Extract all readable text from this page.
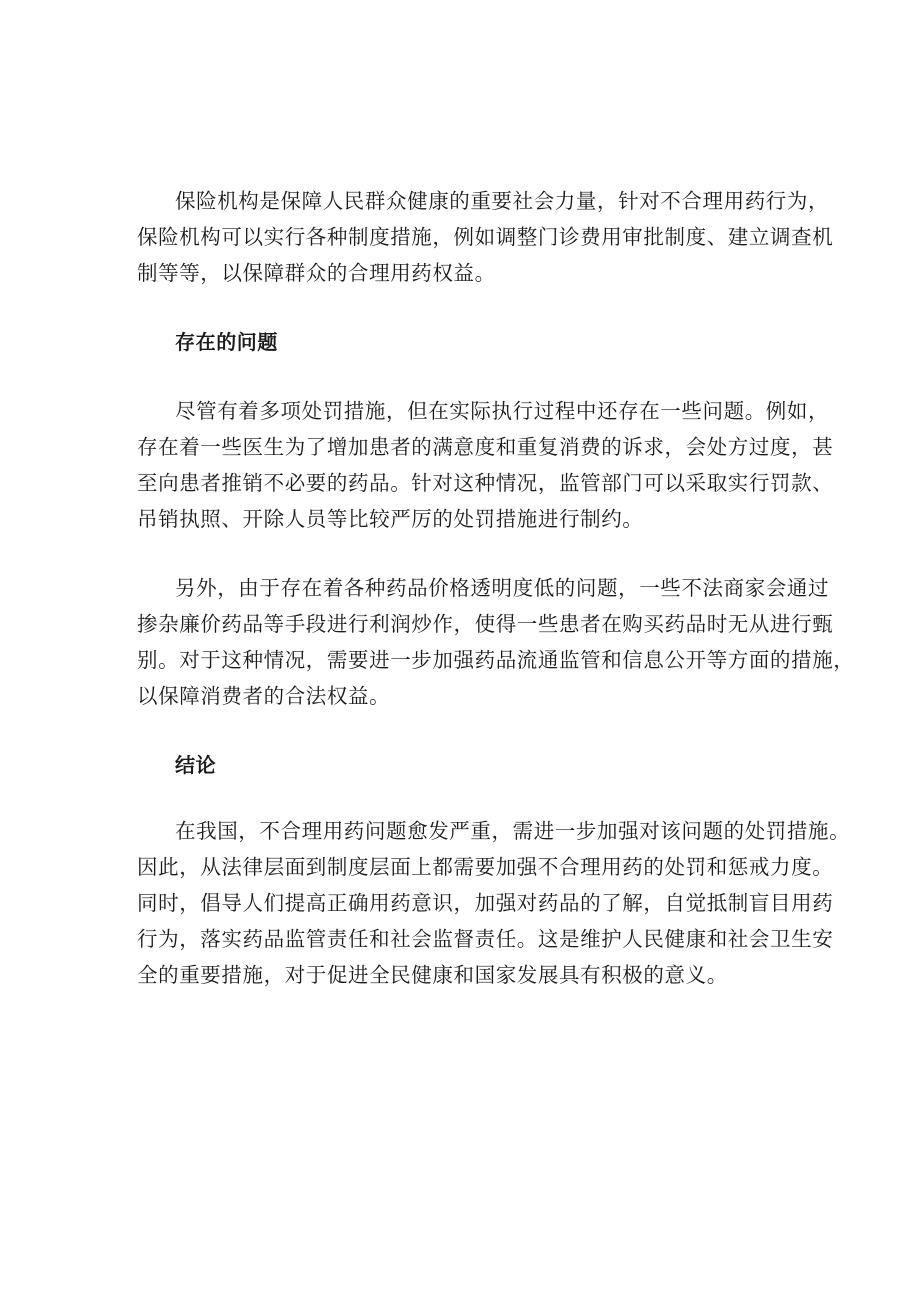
保险机构是保障人民群众健康的重要社会力量，针对不合理用药行为，
保险机构可以实行各种制度措施，例如调整门诊费用审批制度、建立调查机
制等等，以保障群众的合理用药权益。

存在的问题

尽管有着多项处罚措施，但在实际执行过程中还存在一些问题。例如，
存在着一些医生为了增加患者的满意度和重复消费的诉求，会处方过度，甚
至向患者推销不必要的药品。针对这种情况，监管部门可以采取实行罚款、
吊销执照、开除人员等比较严厉的处罚措施进行制约。

另外，由于存在着各种药品价格透明度低的问题，一些不法商家会通过
掺杂廉价药品等手段进行利润炒作，使得一些患者在购买药品时无从进行甄
别。对于这种情况，需要进一步加强药品流通监管和信息公开等方面的措施，
以保障消费者的合法权益。

结论

在我国，不合理用药问题愈发严重，需进一步加强对该问题的处罚措施。
因此，从法律层面到制度层面上都需要加强不合理用药的处罚和惩戒力度。
同时，倡导人们提高正确用药意识，加强对药品的了解，自觉抵制盲目用药
行为，落实药品监管责任和社会监督责任。这是维护人民健康和社会卫生安
全的重要措施，对于促进全民健康和国家发展具有积极的意义。
